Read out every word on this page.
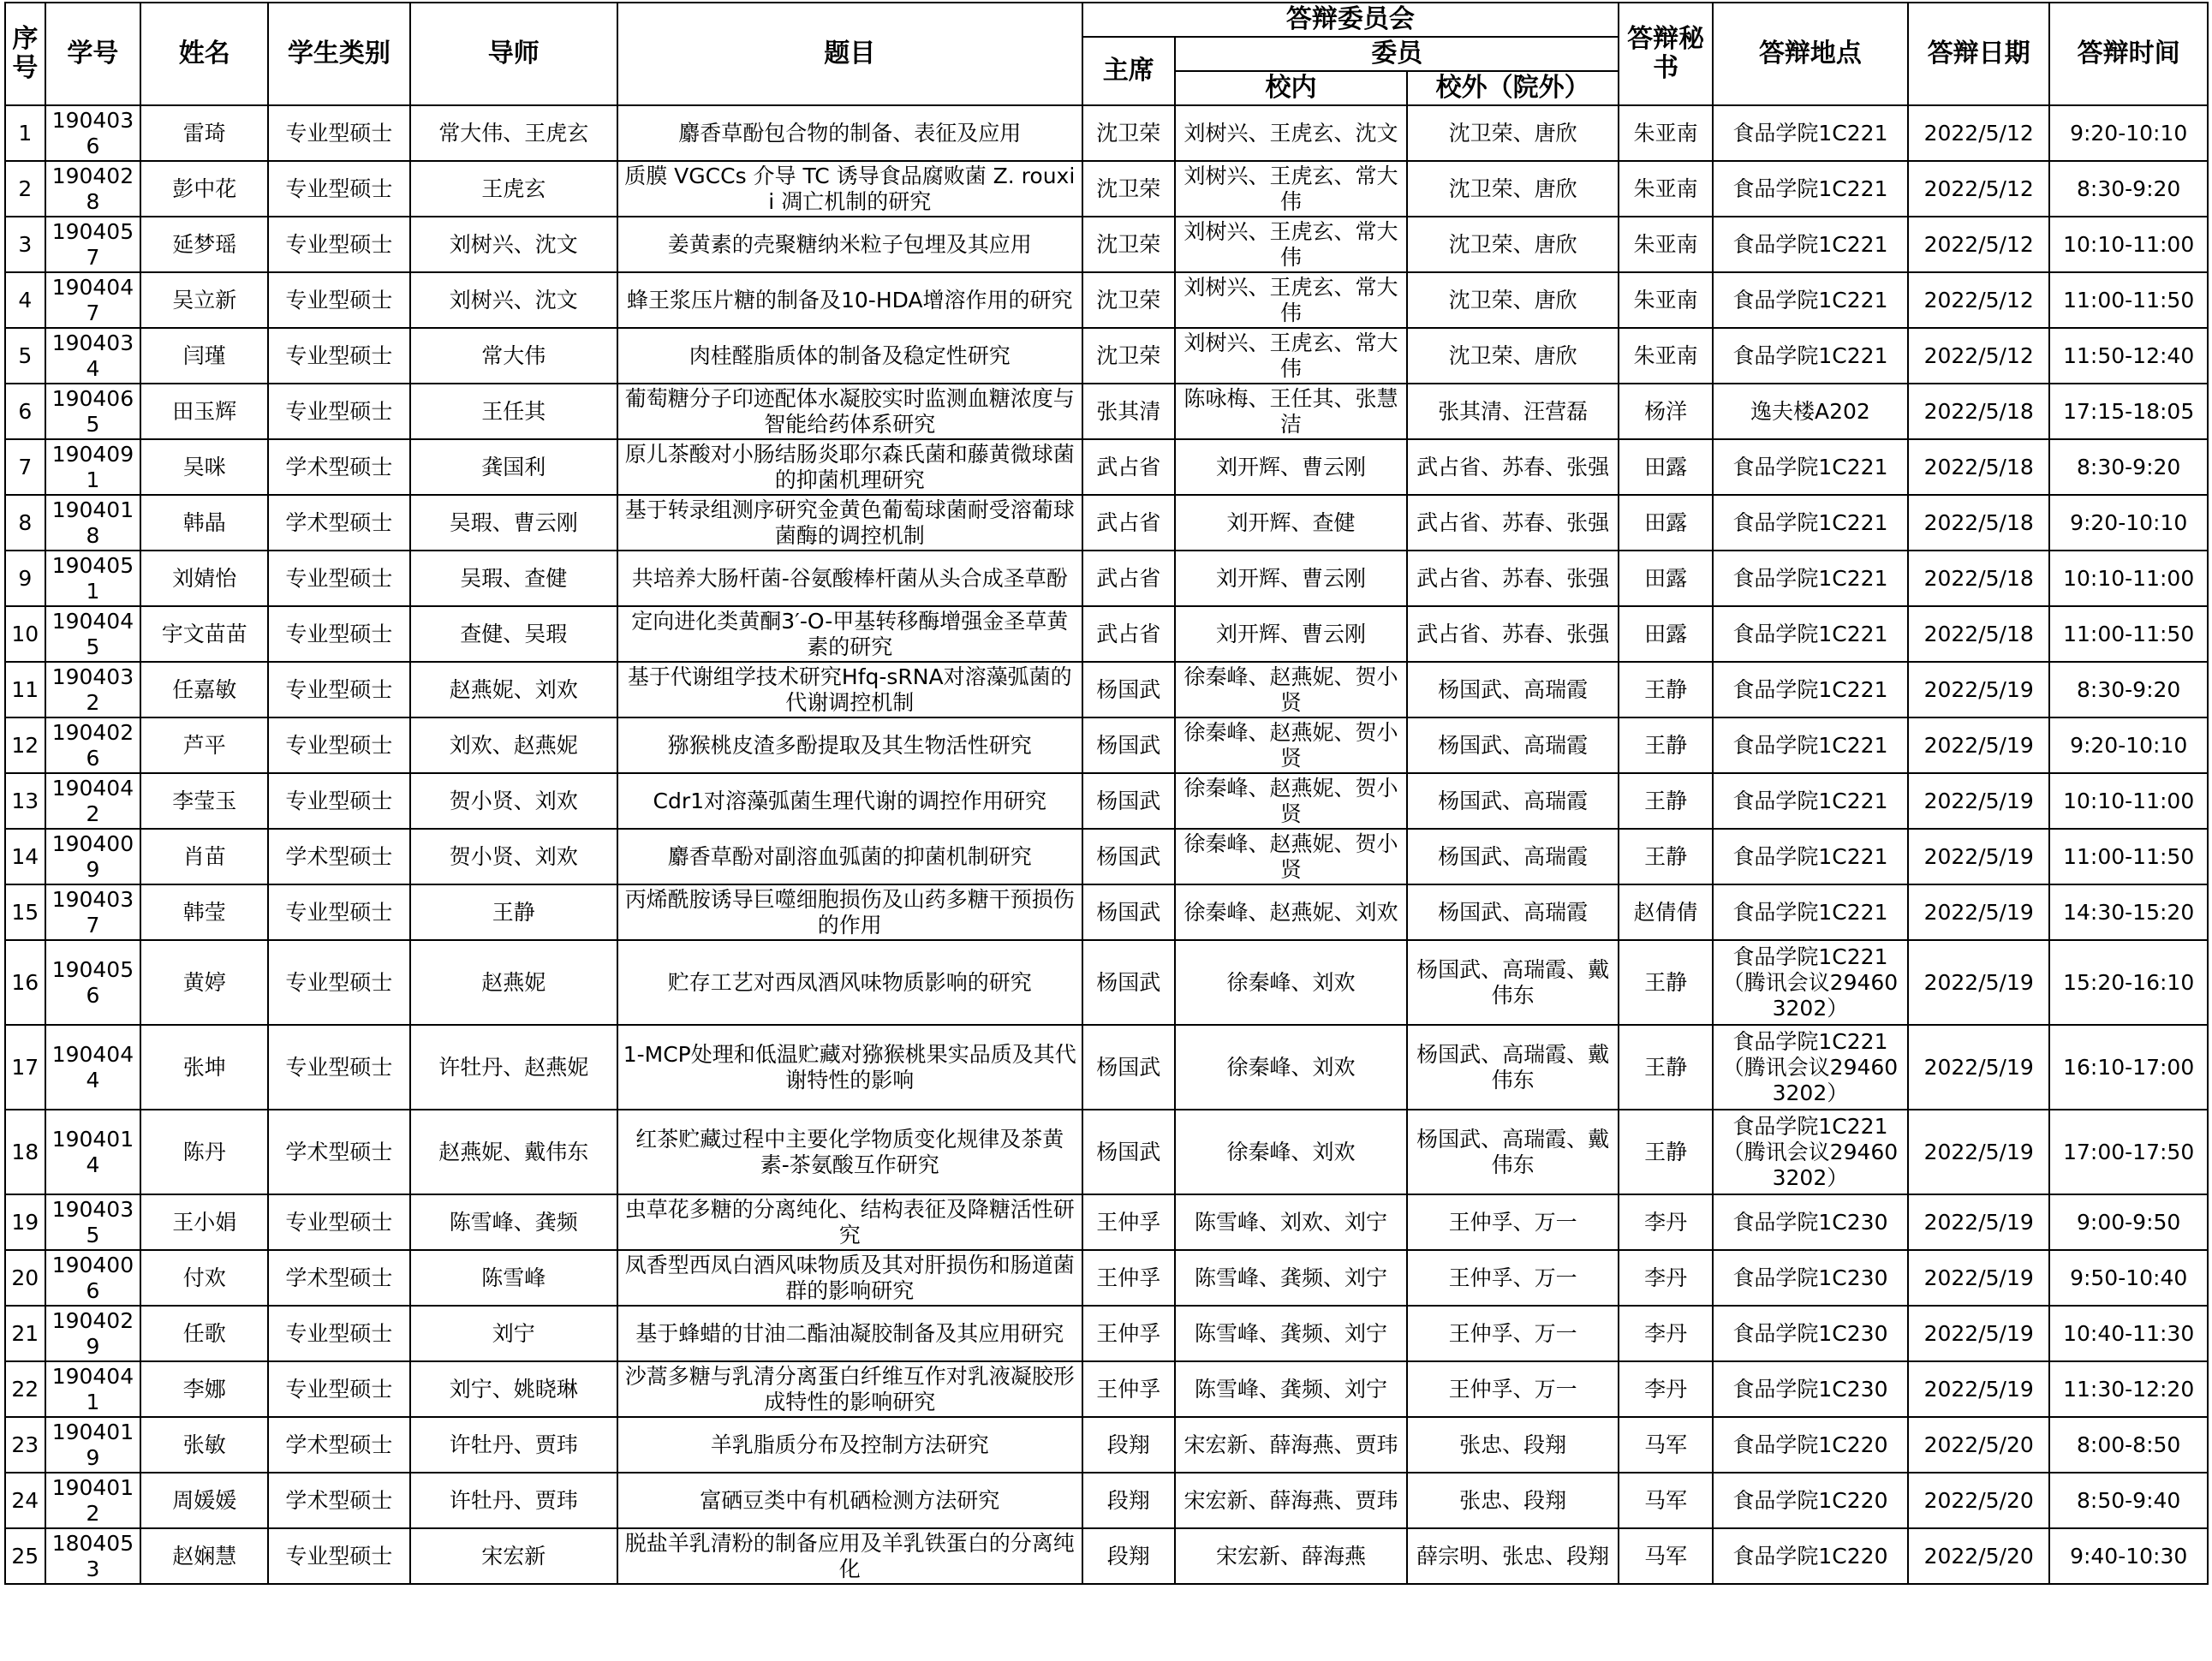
序号	学号	姓名	学生类别	导师	题目	答辩委员会			答辩秘书	答辩地点	答辩日期	答辩时间
						主席	委员					
							校内	校外（院外）				
1	1904036	雷琦	专业型硕士	常大伟、王虎玄	麝香草酚包合物的制备、表征及应用	沈卫荣	刘树兴、王虎玄、沈文	沈卫荣、唐欣	朱亚南	食品学院1C221	2022/5/12	9:20-10:10
2	1904028	彭中花	专业型硕士	王虎玄	质膜 VGCCs 介导 TC 诱导食品腐败菌 Z. rouxii 凋亡机制的研究	沈卫荣	刘树兴、王虎玄、常大伟	沈卫荣、唐欣	朱亚南	食品学院1C221	2022/5/12	8:30-9:20
3	1904057	延梦瑶	专业型硕士	刘树兴、沈文	姜黄素的壳聚糖纳米粒子包埋及其应用	沈卫荣	刘树兴、王虎玄、常大伟	沈卫荣、唐欣	朱亚南	食品学院1C221	2022/5/12	10:10-11:00
4	1904047	吴立新	专业型硕士	刘树兴、沈文	蜂王浆压片糖的制备及10-HDA增溶作用的研究	沈卫荣	刘树兴、王虎玄、常大伟	沈卫荣、唐欣	朱亚南	食品学院1C221	2022/5/12	11:00-11:50
5	1904034	闫瑾	专业型硕士	常大伟	肉桂醛脂质体的制备及稳定性研究	沈卫荣	刘树兴、王虎玄、常大伟	沈卫荣、唐欣	朱亚南	食品学院1C221	2022/5/12	11:50-12:40
6	1904065	田玉辉	专业型硕士	王任其	葡萄糖分子印迹配体水凝胶实时监测血糖浓度与智能给药体系研究	张其清	陈咏梅、王任其、张慧洁	张其清、汪营磊	杨洋	逸夫楼A202	2022/5/18	17:15-18:05
7	1904091	吴咪	学术型硕士	龚国利	原儿茶酸对小肠结肠炎耶尔森氏菌和藤黄微球菌的抑菌机理研究	武占省	刘开辉、曹云刚	武占省、苏春、张强	田露	食品学院1C221	2022/5/18	8:30-9:20
8	1904018	韩晶	学术型硕士	吴瑕、曹云刚	基于转录组测序研究金黄色葡萄球菌耐受溶葡球菌酶的调控机制	武占省	刘开辉、查健	武占省、苏春、张强	田露	食品学院1C221	2022/5/18	9:20-10:10
9	1904051	刘婧怡	专业型硕士	吴瑕、查健	共培养大肠杆菌-谷氨酸棒杆菌从头合成圣草酚	武占省	刘开辉、曹云刚	武占省、苏春、张强	田露	食品学院1C221	2022/5/18	10:10-11:00
10	1904045	宇文苗苗	专业型硕士	查健、吴瑕	定向进化类黄酮3′-O-甲基转移酶增强金圣草黄素的研究	武占省	刘开辉、曹云刚	武占省、苏春、张强	田露	食品学院1C221	2022/5/18	11:00-11:50
11	1904032	任嘉敏	专业型硕士	赵燕妮、刘欢	基于代谢组学技术研究Hfq-sRNA对溶藻弧菌的代谢调控机制	杨国武	徐秦峰、赵燕妮、贺小贤	杨国武、高瑞霞	王静	食品学院1C221	2022/5/19	8:30-9:20
12	1904026	芦平	专业型硕士	刘欢、赵燕妮	猕猴桃皮渣多酚提取及其生物活性研究	杨国武	徐秦峰、赵燕妮、贺小贤	杨国武、高瑞霞	王静	食品学院1C221	2022/5/19	9:20-10:10
13	1904042	李莹玉	专业型硕士	贺小贤、刘欢	Cdr1对溶藻弧菌生理代谢的调控作用研究	杨国武	徐秦峰、赵燕妮、贺小贤	杨国武、高瑞霞	王静	食品学院1C221	2022/5/19	10:10-11:00
14	1904009	肖苗	学术型硕士	贺小贤、刘欢	麝香草酚对副溶血弧菌的抑菌机制研究	杨国武	徐秦峰、赵燕妮、贺小贤	杨国武、高瑞霞	王静	食品学院1C221	2022/5/19	11:00-11:50
15	1904037	韩莹	专业型硕士	王静	丙烯酰胺诱导巨噬细胞损伤及山药多糖干预损伤的作用	杨国武	徐秦峰、赵燕妮、刘欢	杨国武、高瑞霞	赵倩倩	食品学院1C221	2022/5/19	14:30-15:20
16	1904056	黄婷	专业型硕士	赵燕妮	贮存工艺对西凤酒风味物质影响的研究	杨国武	徐秦峰、刘欢	杨国武、高瑞霞、戴伟东	王静	食品学院1C221（腾讯会议294603202）	2022/5/19	15:20-16:10
17	1904044	张坤	专业型硕士	许牡丹、赵燕妮	1-MCP处理和低温贮藏对猕猴桃果实品质及其代谢特性的影响	杨国武	徐秦峰、刘欢	杨国武、高瑞霞、戴伟东	王静	食品学院1C221（腾讯会议294603202）	2022/5/19	16:10-17:00
18	1904014	陈丹	学术型硕士	赵燕妮、戴伟东	红茶贮藏过程中主要化学物质变化规律及茶黄素-茶氨酸互作研究	杨国武	徐秦峰、刘欢	杨国武、高瑞霞、戴伟东	王静	食品学院1C221（腾讯会议294603202）	2022/5/19	17:00-17:50
19	1904035	王小娟	专业型硕士	陈雪峰、龚频	虫草花多糖的分离纯化、结构表征及降糖活性研究	王仲孚	陈雪峰、刘欢、刘宁	王仲孚、万一	李丹	食品学院1C230	2022/5/19	9:00-9:50
20	1904006	付欢	学术型硕士	陈雪峰	凤香型西凤白酒风味物质及其对肝损伤和肠道菌群的影响研究	王仲孚	陈雪峰、龚频、刘宁	王仲孚、万一	李丹	食品学院1C230	2022/5/19	9:50-10:40
21	1904029	任歌	专业型硕士	刘宁	基于蜂蜡的甘油二酯油凝胶制备及其应用研究	王仲孚	陈雪峰、龚频、刘宁	王仲孚、万一	李丹	食品学院1C230	2022/5/19	10:40-11:30
22	1904041	李娜	专业型硕士	刘宁、姚晓琳	沙蒿多糖与乳清分离蛋白纤维互作对乳液凝胶形成特性的影响研究	王仲孚	陈雪峰、龚频、刘宁	王仲孚、万一	李丹	食品学院1C230	2022/5/19	11:30-12:20
23	1904019	张敏	学术型硕士	许牡丹、贾玮	羊乳脂质分布及控制方法研究	段翔	宋宏新、薛海燕、贾玮	张忠、段翔	马军	食品学院1C220	2022/5/20	8:00-8:50
24	1904012	周媛媛	学术型硕士	许牡丹、贾玮	富硒豆类中有机硒检测方法研究	段翔	宋宏新、薛海燕、贾玮	张忠、段翔	马军	食品学院1C220	2022/5/20	8:50-9:40
25	1804053	赵娴慧	专业型硕士	宋宏新	脱盐羊乳清粉的制备应用及羊乳铁蛋白的分离纯化	段翔	宋宏新、薛海燕	薛宗明、张忠、段翔	马军	食品学院1C220	2022/5/20	9:40-10:30
